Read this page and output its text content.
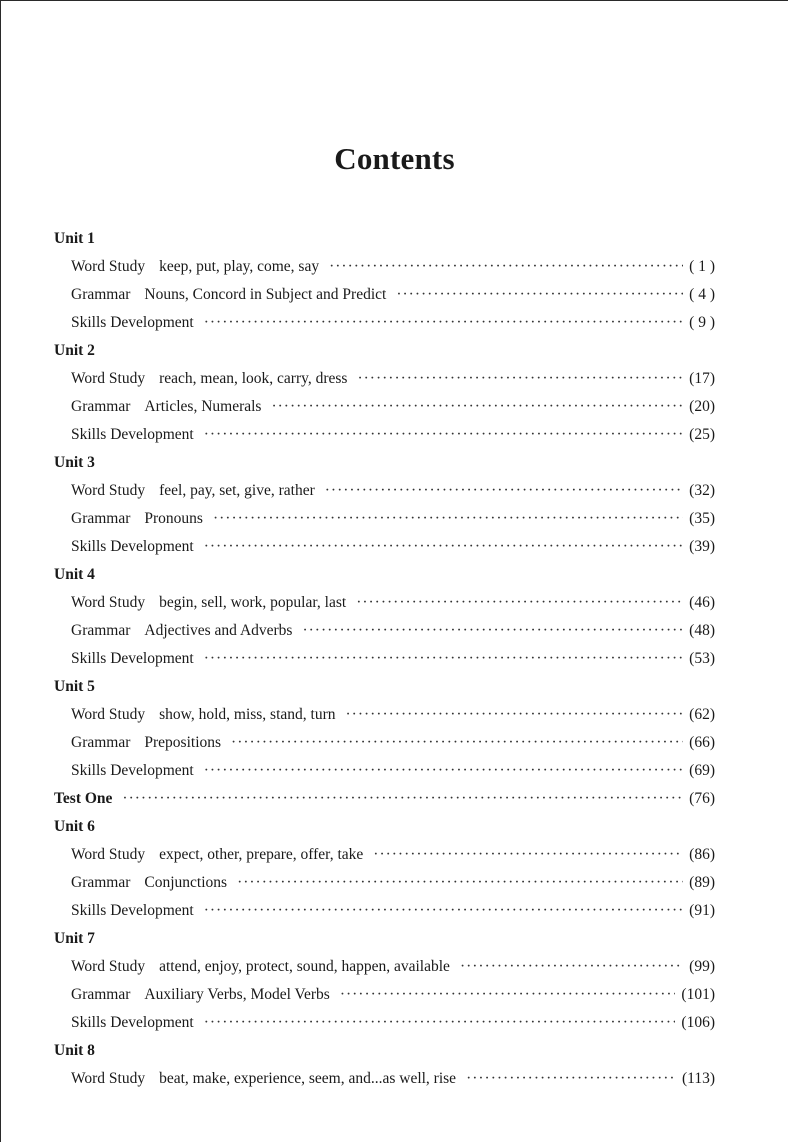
Contents
Unit 1
Word Study keep, put, play, come, say ·····	( 1 )
Grammar Nouns, Concord in Subject and Predict ·····	( 4 )
Skills Development ·····	( 9 )
Unit 2
Word Study reach, mean, look, carry, dress ·····	(17)
Grammar Articles, Numerals ·····	(20)
Skills Development ·····	(25)
Unit 3
Word Study feel, pay, set, give, rather ·····	(32)
Grammar Pronouns ·····	(35)
Skills Development ·····	(39)
Unit 4
Word Study begin, sell, work, popular, last ·····	(46)
Grammar Adjectives and Adverbs ·····	(48)
Skills Development ·····	(53)
Unit 5
Word Study show, hold, miss, stand, turn ·····	(62)
Grammar Prepositions ·····	(66)
Skills Development ·····	(69)
Test One ·····	(76)
Unit 6
Word Study expect, other, prepare, offer, take ·····	(86)
Grammar Conjunctions ·····	(89)
Skills Development ·····	(91)
Unit 7
Word Study attend, enjoy, protect, sound, happen, available ·····	(99)
Grammar Auxiliary Verbs, Model Verbs ·····	(101)
Skills Development ·····	(106)
Unit 8
Word Study beat, make, experience, seem, and...as well, rise ·····	(113)
